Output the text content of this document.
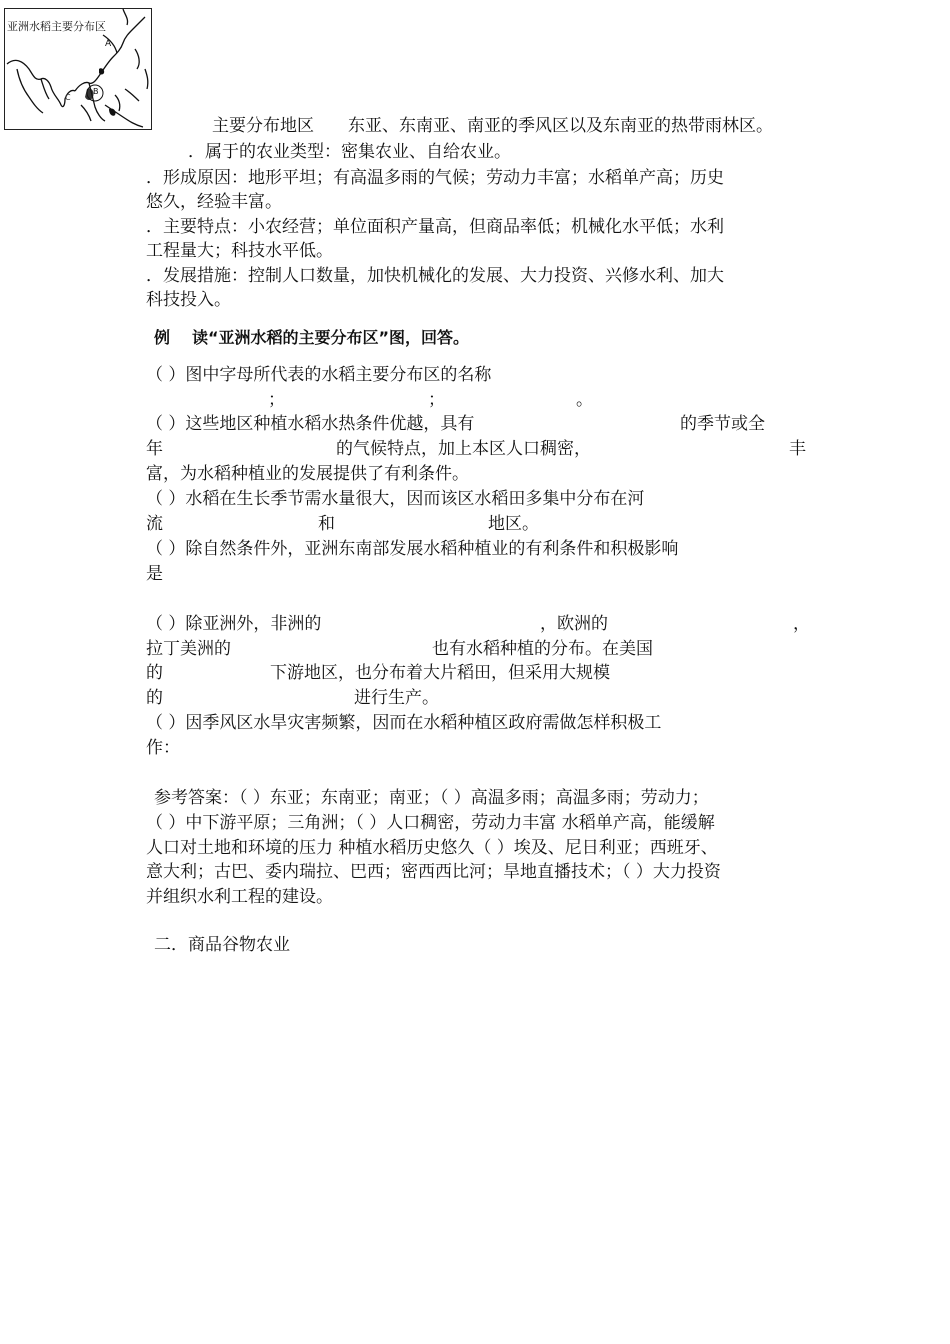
亚洲水稻主要分布区
A
B
C
主要分布地区 东亚、东南亚、南亚的季风区以及东南亚的热带雨林区。
．属于的农业类型：密集农业、自给农业。
．形成原因：地形平坦；有高温多雨的气候；劳动力丰富；水稻单产高；历史
悠久，经验丰富。
．主要特点：小农经营；单位面积产量高，但商品率低；机械化水平低；水利
工程量大；科技水平低。
．发展措施：控制人口数量，加快机械化的发展、大力投资、兴修水利、加大
科技投入。
例 读“亚洲水稻的主要分布区”图，回答。
（ ）图中字母所代表的水稻主要分布区的名称
；	；	。
（ ）这些地区种植水稻水热条件优越，具有	的季节或全
年	的气候特点，加上本区人口稠密，	丰
富，为水稻种植业的发展提供了有利条件。
（ ）水稻在生长季节需水量很大，因而该区水稻田多集中分布在河
流	和	地区。
（ ）除自然条件外，亚洲东南部发展水稻种植业的有利条件和积极影响
是
（ ）除亚洲外，非洲的	，欧洲的	，
拉丁美洲的	也有水稻种植的分布。在美国
的	下游地区，也分布着大片稻田，但采用大规模
的	进行生产。
（ ）因季风区水旱灾害频繁，因而在水稻种植区政府需做怎样积极工
作：
参考答案：（ ）东亚；东南亚；南亚；（ ）高温多雨；高温多雨；劳动力；
（ ）中下游平原；三角洲；（ ）人口稠密，劳动力丰富 水稻单产高，能缓解
人口对土地和环境的压力 种植水稻历史悠久（ ）埃及、尼日利亚；西班牙、
意大利；古巴、委内瑞拉、巴西；密西西比河；旱地直播技术；（ ）大力投资
并组织水利工程的建设。
二．商品谷物农业
